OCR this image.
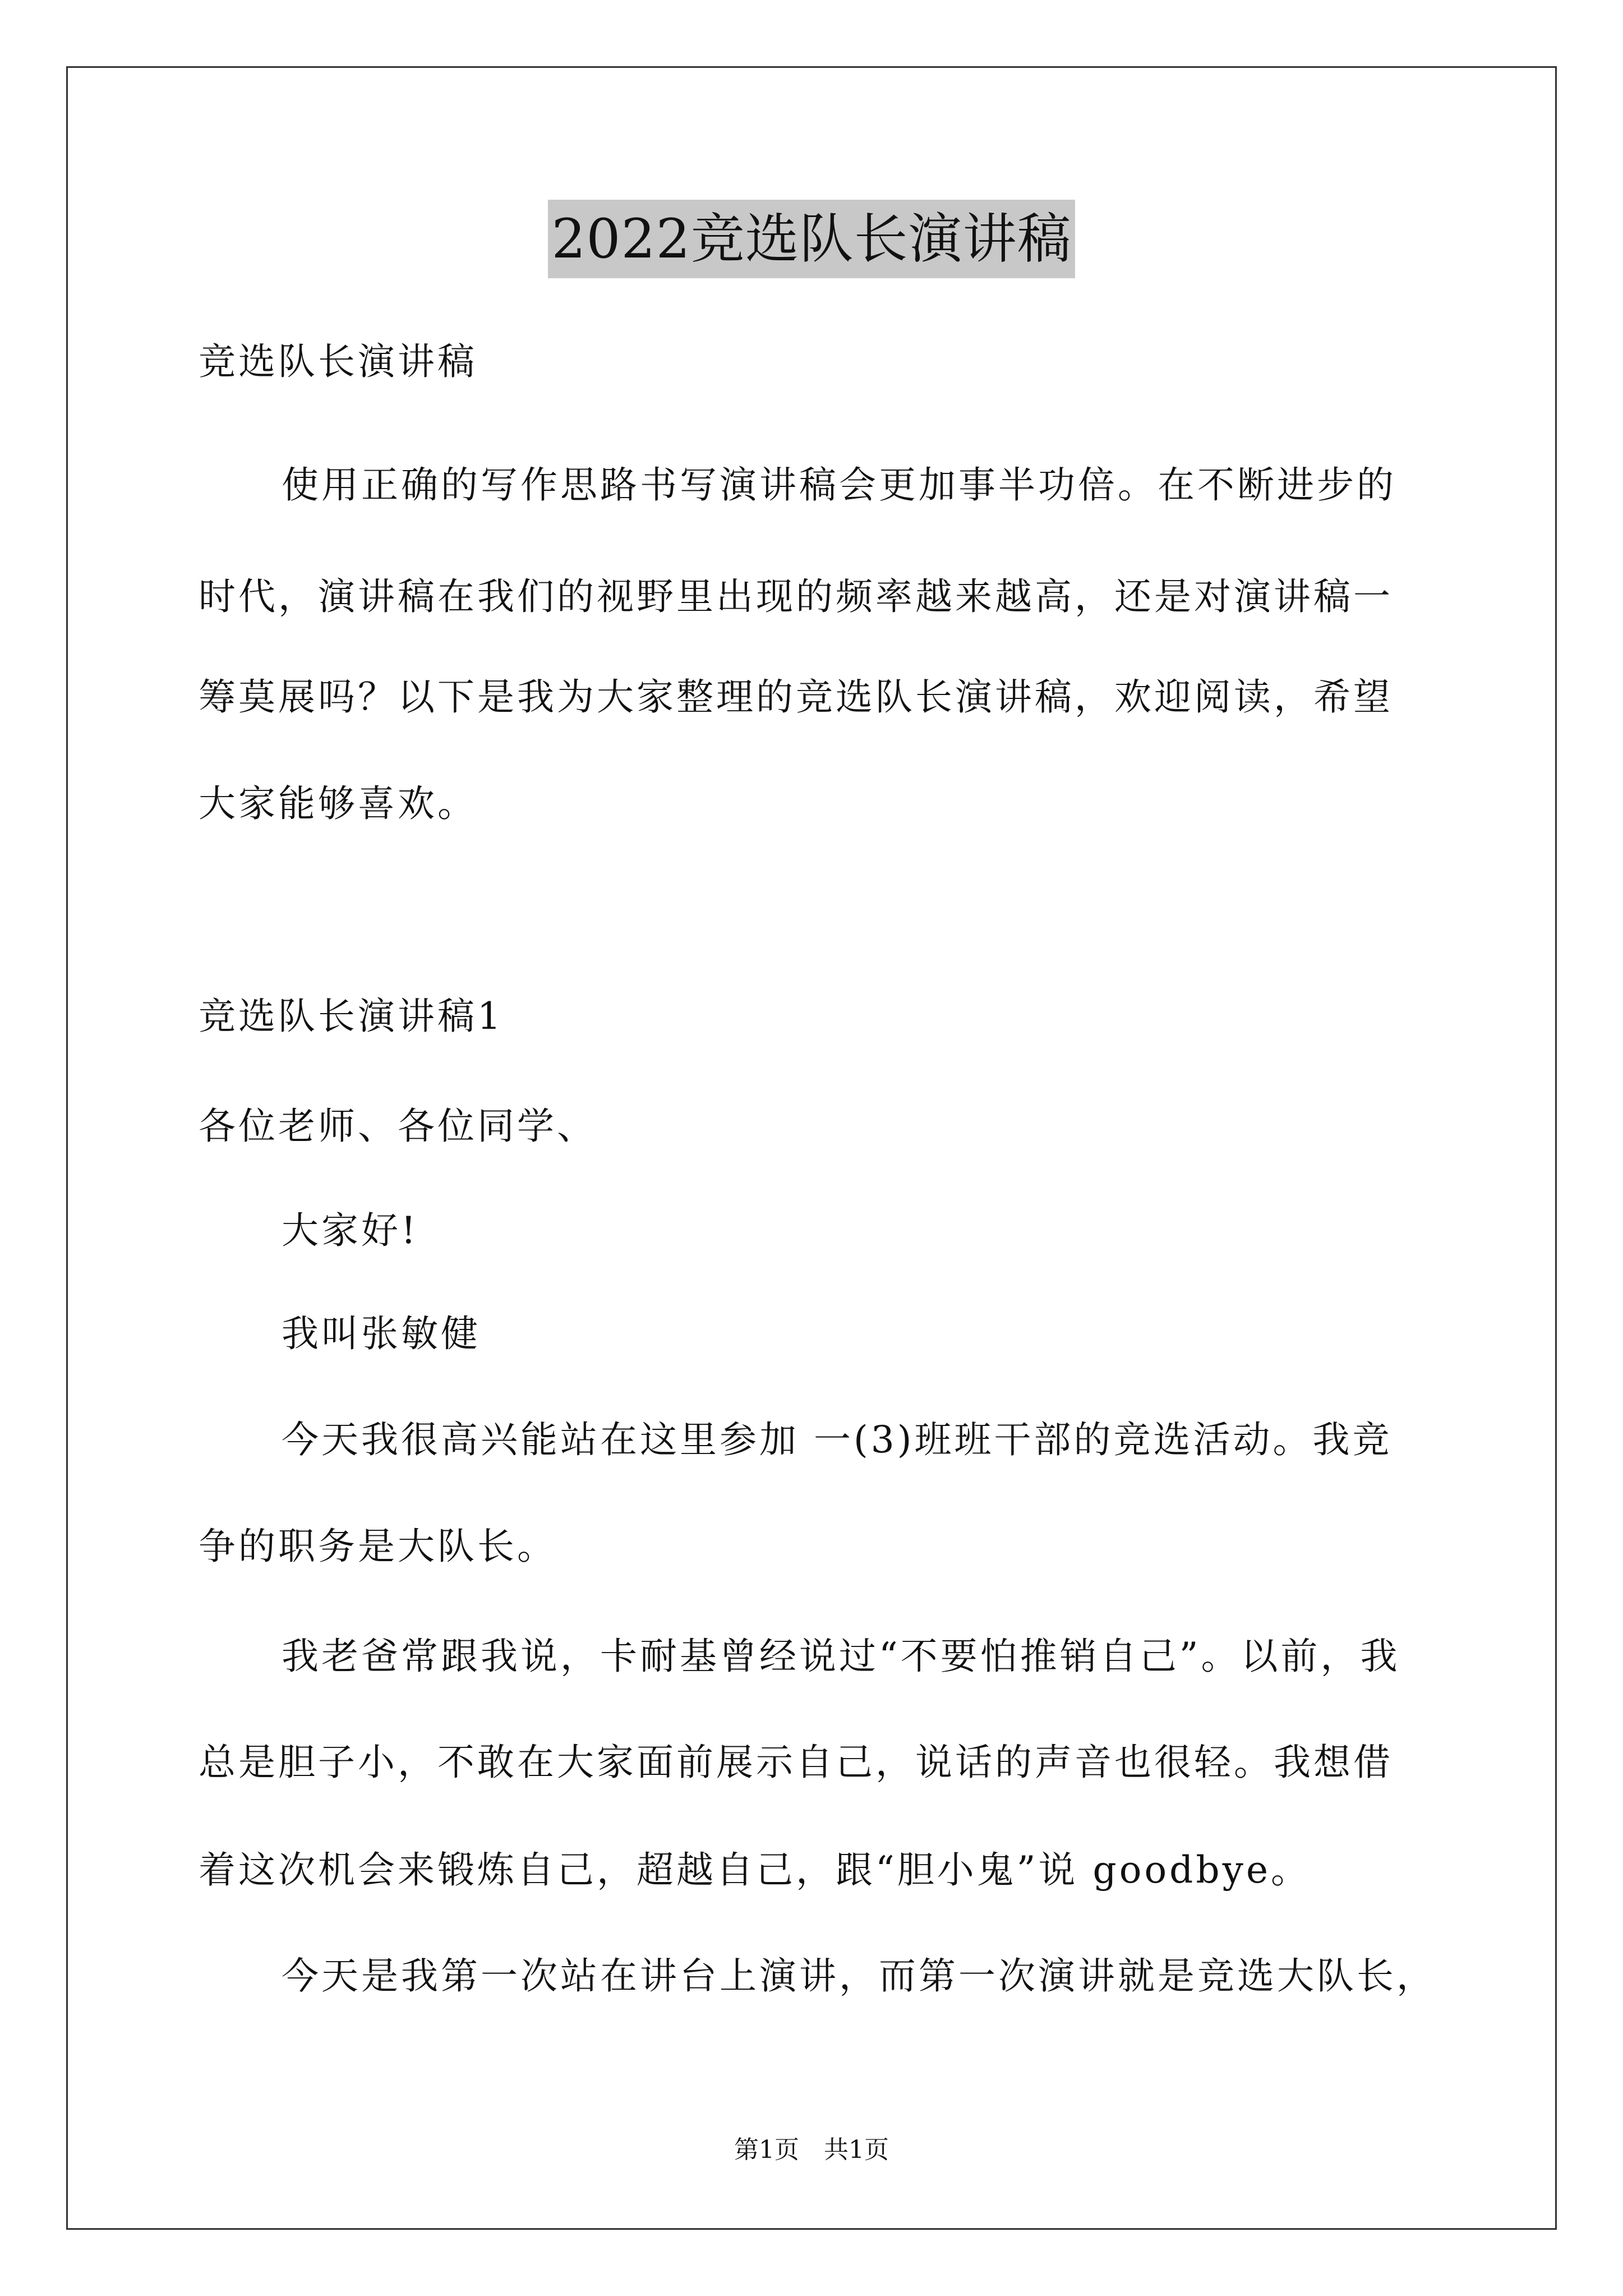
2022竞选队长演讲稿
竞选队长演讲稿
使用正确的写作思路书写演讲稿会更加事半功倍。在不断进步的
时代，演讲稿在我们的视野里出现的频率越来越高，还是对演讲稿一
筹莫展吗？以下是我为大家整理的竞选队长演讲稿，欢迎阅读，希望
大家能够喜欢。
竞选队长演讲稿1
各位老师、各位同学、
大家好!
我叫张敏健
今天我很高兴能站在这里参加 一(3)班班干部的竞选活动。我竞
争的职务是大队长。
我老爸常跟我说，卡耐基曾经说过“不要怕推销自己”。以前，我
总是胆子小，不敢在大家面前展示自己，说话的声音也很轻。我想借
着这次机会来锻炼自己，超越自己，跟“胆小鬼”说 goodbye。
今天是我第一次站在讲台上演讲，而第一次演讲就是竞选大队长，
第1页 共1页
